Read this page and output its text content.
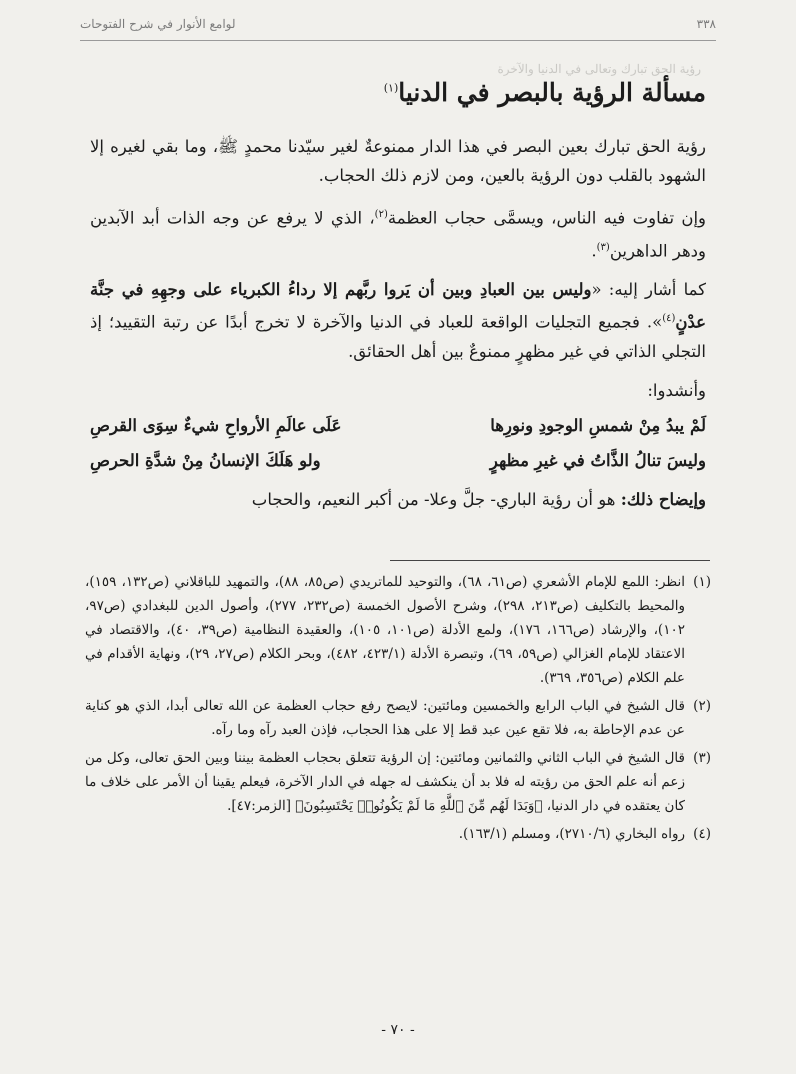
٣٣٨
لوامع الأنوار في شرح الفتوحات
رؤية الحق تبارك وتعالى في الدنيا والآخرة
مسألة الرؤية بالبصر في الدنيا$^{(١)}$

رؤية الحق تبارك بعين البصر في هذا الدار ممنوعةٌ لغير سيّدنا محمدٍ ﷺ، وما بقي لغيره إلا الشهود بالقلب دون الرؤية بالعين، ومن لازم ذلك الحجاب.

وإن تفاوت فيه الناس، ويسمَّى حجاب العظمة$^{(٢)}$، الذي لا يرفع عن وجه الذات أبد الآبدين ودهر الداهرين$^{(٣)}$.

كما أشار إليه: «وليس بين العبادِ وبين أن يَروا ربَّهم إلا رداءُ الكبرياء على وجهِهِ في جنَّة عدْنٍ$^{(٤)}$». فجميع التجليات الواقعة للعباد في الدنيا والآخرة لا تخرج أبدًا عن رتبة التقييد؛ إذ التجلي الذاتي في غير مظهرٍ ممنوعٌ بين أهل الحقائق.

وأنشدوا:

لَمْ يبدُ مِنْ شمسِ الوجودِ ونورِها
عَلَى عالَمِ الأرواحِ شيءٌ سِوَى القرصِ
وليسَ تنالُ الذَّاتُ في غيرِ مظهرٍ
ولو هَلَكَ الإنسانُ مِنْ شدَّةِ الحرصِ

وإيضاح ذلك: هو أن رؤية الباري- جلَّ وعلا- من أكبر النعيم، والحجاب

(١)
انظر: اللمع للإمام الأشعري (ص٦١، ٦٨)، والتوحيد للماتريدي (ص٨٥، ٨٨)، والتمهيد للباقلاني (ص١٣٢، ١٥٩)، والمحيط بالتكليف (ص٢١٣، ٢٩٨)، وشرح الأصول الخمسة (ص٢٣٢، ٢٧٧)، وأصول الدين للبغدادي (ص٩٧، ١٠٢)، والإرشاد (ص١٦٦، ١٧٦)، ولمع الأدلة (ص١٠١، ١٠٥)، والعقيدة النظامية (ص٣٩، ٤٠)، والاقتصاد في الاعتقاد للإمام الغزالي (ص٥٩، ٦٩)، وتبصرة الأدلة (٤٢٣/١، ٤٨٢)، وبحر الكلام (ص٢٧، ٢٩)، ونهاية الأقدام في علم الكلام (ص٣٥٦، ٣٦٩).
(٢)
قال الشيخ في الباب الرابع والخمسين ومائتين: لايصح رفع حجاب العظمة عن الله تعالى أبدا، الذي هو كناية عن عدم الإحاطة به، فلا تقع عين عبد قط إلا على هذا الحجاب، فإذن العبد رآه وما رآه.
(٣)
قال الشيخ في الباب الثاني والثمانين ومائتين: إن الرؤية تتعلق بحجاب العظمة بيننا وبين الحق تعالى، وكل من زعم أنه علم الحق من رؤيته له فلا بد أن ينكشف له جهله في الدار الآخرة، فيعلم يقينا أن الأمر على خلاف ما كان يعتقده في دار الدنيا، ﴿وَبَدَا لَهُم مِّنَ ٱللَّهِ مَا لَمْ يَكُونُوا۟ يَحْتَسِبُونَ﴾ [الزمر:٤٧].
(٤)
رواه البخاري (٢٧١٠/٦)، ومسلم (١٦٣/١).
- ٧٠ -
